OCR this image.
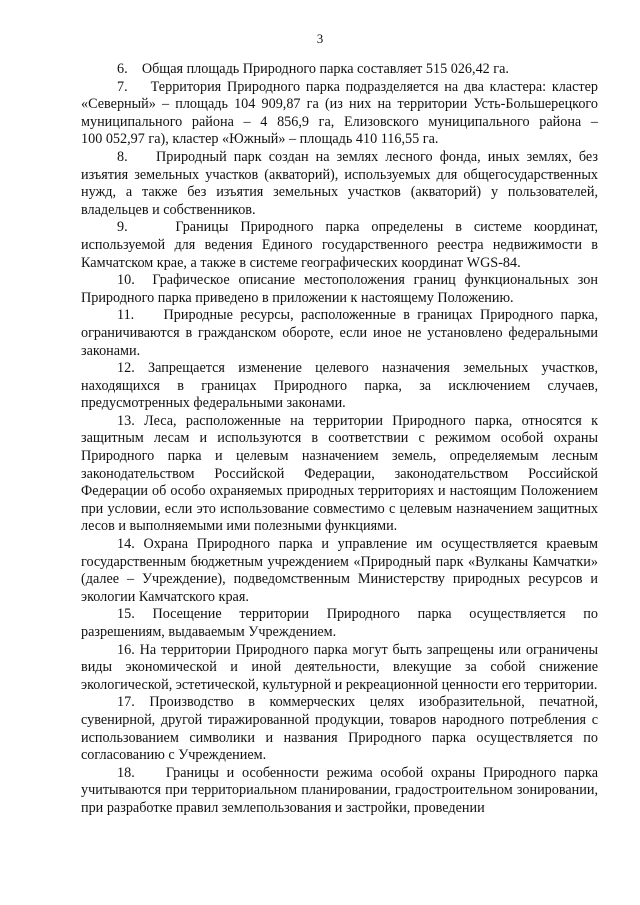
3

6.    Общая площадь Природного парка составляет 515 026,42 га.

7.    Территория Природного парка подразделяется на два кластера: кластер «Северный» – площадь 104 909,87 га (из них на территории Усть-Большерецкого муниципального района – 4 856,9 га, Елизовского муниципального района – 100 052,97 га), кластер «Южный» – площадь 410 116,55 га.

8.    Природный парк создан на землях лесного фонда, иных землях, без изъятия земельных участков (акваторий), используемых для общегосударственных нужд, а также без изъятия земельных участков (акваторий) у пользователей, владельцев и собственников.

9.    Границы Природного парка определены в системе координат, используемой для ведения Единого государственного реестра недвижимости в Камчатском крае, а также в системе географических координат WGS-84.

10.  Графическое описание местоположения границ функциональных зон Природного парка приведено в приложении к настоящему Положению.

11.    Природные ресурсы, расположенные в границах Природного парка, ограничиваются в гражданском обороте, если иное не установлено федеральными законами.

12. Запрещается изменение целевого назначения земельных участков, находящихся в границах Природного парка, за исключением случаев, предусмотренных федеральными законами.

13. Леса, расположенные на территории Природного парка, относятся к защитным лесам и используются в соответствии с режимом особой охраны Природного парка и целевым назначением земель, определяемым лесным законодательством Российской Федерации, законодательством Российской Федерации об особо охраняемых природных территориях и настоящим Положением при условии, если это использование совместимо с целевым назначением защитных лесов и выполняемыми ими полезными функциями.

14. Охрана Природного парка и управление им осуществляется краевым государственным бюджетным учреждением «Природный парк «Вулканы Камчатки» (далее – Учреждение), подведомственным Министерству природных ресурсов и экологии Камчатского края.

15. Посещение территории Природного парка осуществляется по разрешениям, выдаваемым Учреждением.

16. На территории Природного парка могут быть запрещены или ограничены виды экономической и иной деятельности, влекущие за собой снижение экологической, эстетической, культурной и рекреационной ценности его территории.

17. Производство в коммерческих целях изобразительной, печатной, сувенирной, другой тиражированной продукции, товаров народного потребления с использованием символики и названия Природного парка осуществляется по согласованию с Учреждением.

18.    Границы и особенности режима особой охраны Природного парка учитываются при территориальном планировании, градостроительном зонировании, при разработке правил землепользования и застройки, проведении
